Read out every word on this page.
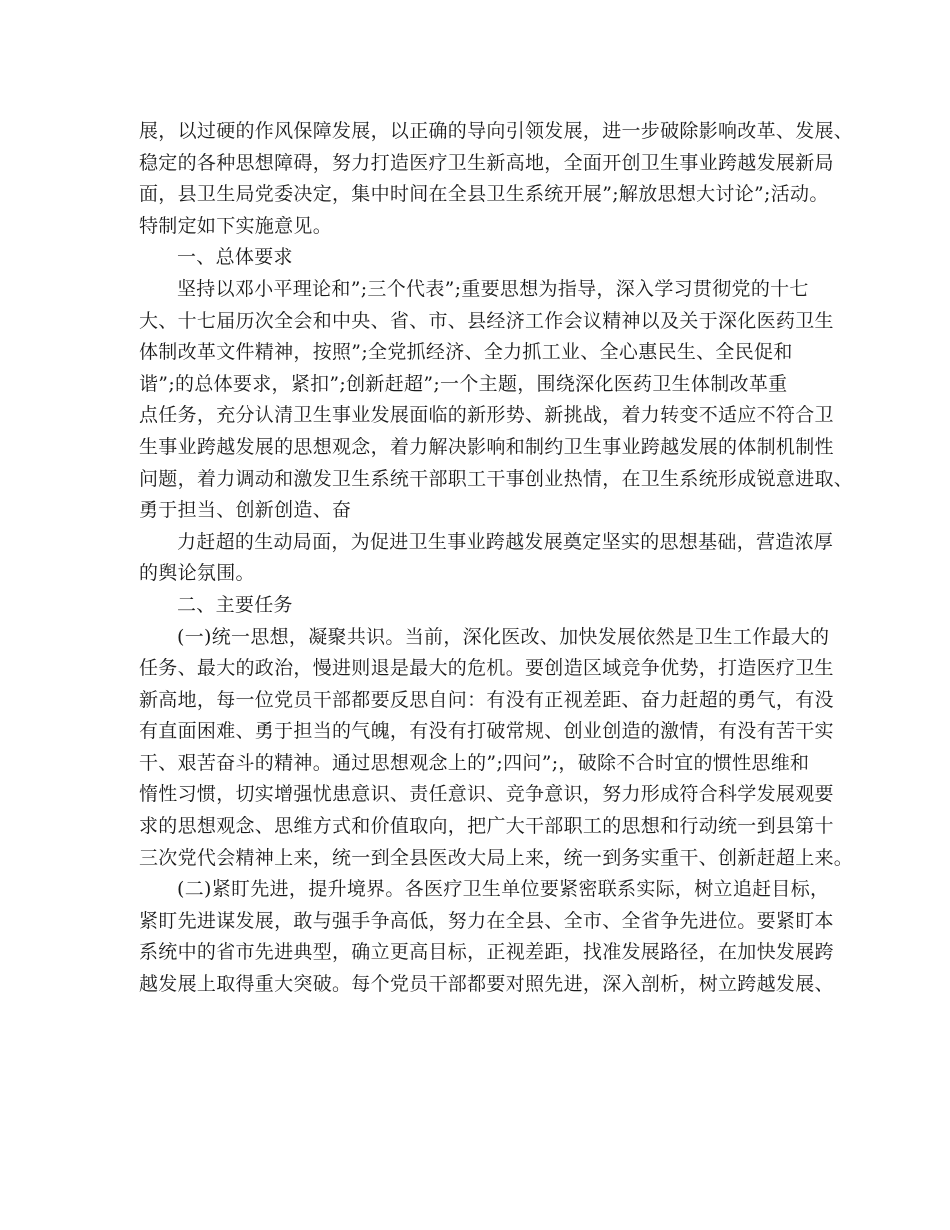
展，以过硬的作风保障发展，以正确的导向引领发展，进一步破除影响改革、发展、
稳定的各种思想障碍，努力打造医疗卫生新高地，全面开创卫生事业跨越发展新局
面，县卫生局党委决定，集中时间在全县卫生系统开展”;解放思想大讨论”;活动。
特制定如下实施意见。
一、总体要求
坚持以邓小平理论和”;三个代表”;重要思想为指导，深入学习贯彻党的十七
大、十七届历次全会和中央、省、市、县经济工作会议精神以及关于深化医药卫生
体制改革文件精神，按照”;全党抓经济、全力抓工业、全心惠民生、全民促和
谐”;的总体要求，紧扣”;创新赶超”;一个主题，围绕深化医药卫生体制改革重
点任务，充分认清卫生事业发展面临的新形势、新挑战，着力转变不适应不符合卫
生事业跨越发展的思想观念，着力解决影响和制约卫生事业跨越发展的体制机制性
问题，着力调动和激发卫生系统干部职工干事创业热情，在卫生系统形成锐意进取、
勇于担当、创新创造、奋
力赶超的生动局面，为促进卫生事业跨越发展奠定坚实的思想基础，营造浓厚
的舆论氛围。
二、主要任务
(一)统一思想，凝聚共识。当前，深化医改、加快发展依然是卫生工作最大的
任务、最大的政治，慢进则退是最大的危机。要创造区域竞争优势，打造医疗卫生
新高地，每一位党员干部都要反思自问：有没有正视差距、奋力赶超的勇气，有没
有直面困难、勇于担当的气魄，有没有打破常规、创业创造的激情，有没有苦干实
干、艰苦奋斗的精神。通过思想观念上的”;四问”;，破除不合时宜的惯性思维和
惰性习惯，切实增强忧患意识、责任意识、竞争意识，努力形成符合科学发展观要
求的思想观念、思维方式和价值取向，把广大干部职工的思想和行动统一到县第十
三次党代会精神上来，统一到全县医改大局上来，统一到务实重干、创新赶超上来。
(二)紧盯先进，提升境界。各医疗卫生单位要紧密联系实际，树立追赶目标，
紧盯先进谋发展，敢与强手争高低，努力在全县、全市、全省争先进位。要紧盯本
系统中的省市先进典型，确立更高目标，正视差距，找准发展路径，在加快发展跨
越发展上取得重大突破。每个党员干部都要对照先进，深入剖析，树立跨越发展、
